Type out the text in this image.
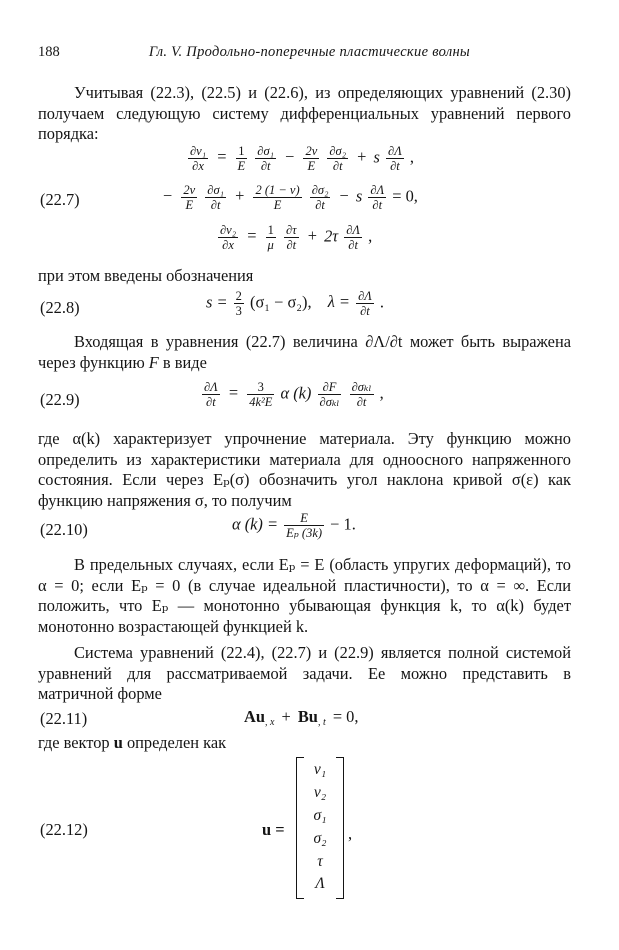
188	Гл. V. Продольно-поперечные пластические волны
Учитывая (22.3), (22.5) и (22.6), из определяющих уравнений (2.30) получаем следующую систему дифференциальных уравнений первого порядка:
$\frac{\text{∂v₁}}{\partial x} = \frac{1}{E}$
$\frac{\text{∂σ₁}}{\partial t} - \frac{2\nu}{E}$
$\frac{\text{∂σ₂}}{\partial t} + s \frac{\partial\Lambda}{\partial t}$ ,
(22.7)	− $\frac{2\nu}{E}$
$\frac{\text{∂σ₁}}{\partial t} + \frac{2 (1 - \nu)}{E}$
$\frac{\text{∂σ₂}}{\partial t} - s \frac{\partial\Lambda}{\partial t} = 0$,
$\frac{\text{∂v₂}}{\partial x} = \frac{1}{\mu}$
$\frac{\partial\tau}{\partial t} + 2\tau \frac{\partial\Lambda}{\partial t}$ ,
при этом введены обозначения
(22.8)	$s = \frac{2}{3} (\sigma_1 - \sigma_2)$, $\lambda = \frac{\partial\Lambda}{\partial t}$ .
Входящая в уравнения (22.7) величина ∂Λ/∂t может быть выражена через функцию F в виде
(22.9)	$\frac{\partial\Lambda}{\partial t} = \frac{3}{\text{4k²E}}$ α $(k) \frac{\partial F}{\text{∂σₖₗ}}$
$\frac{\text{∂σₖₗ}}{\partial t}$ ,
где α(k) характеризует упрочнение материала. Эту функцию можно определить из характеристики материала для одноосного напряженного состояния. Если через Eₚ(σ) обозначить угол наклона кривой σ(ε) как функцию напряжения σ, то получим
(22.10)	α $(k) = \frac{E}{\text{Eₚ (3k)}} - 1$.
В предельных случаях, если Eₚ = E (область упругих деформаций), то α = 0; если Eₚ = 0 (в случае идеальной пластичности), то α = ∞. Если положить, что Eₚ — монотонно убывающая функция k, то α(k) будет монотонно возрастающей функцией k.
Система уравнений (22.4), (22.7) и (22.9) является полной системой уравнений для рассматриваемой задачи. Ее можно представить в матричной форме
(22.11)	$Au_{, x} + Bu_{, t} = 0$,
где вектор u определен как
(22.12)	u =
v₁
v₂
σ₁
σ₂
τ
Λ
,
